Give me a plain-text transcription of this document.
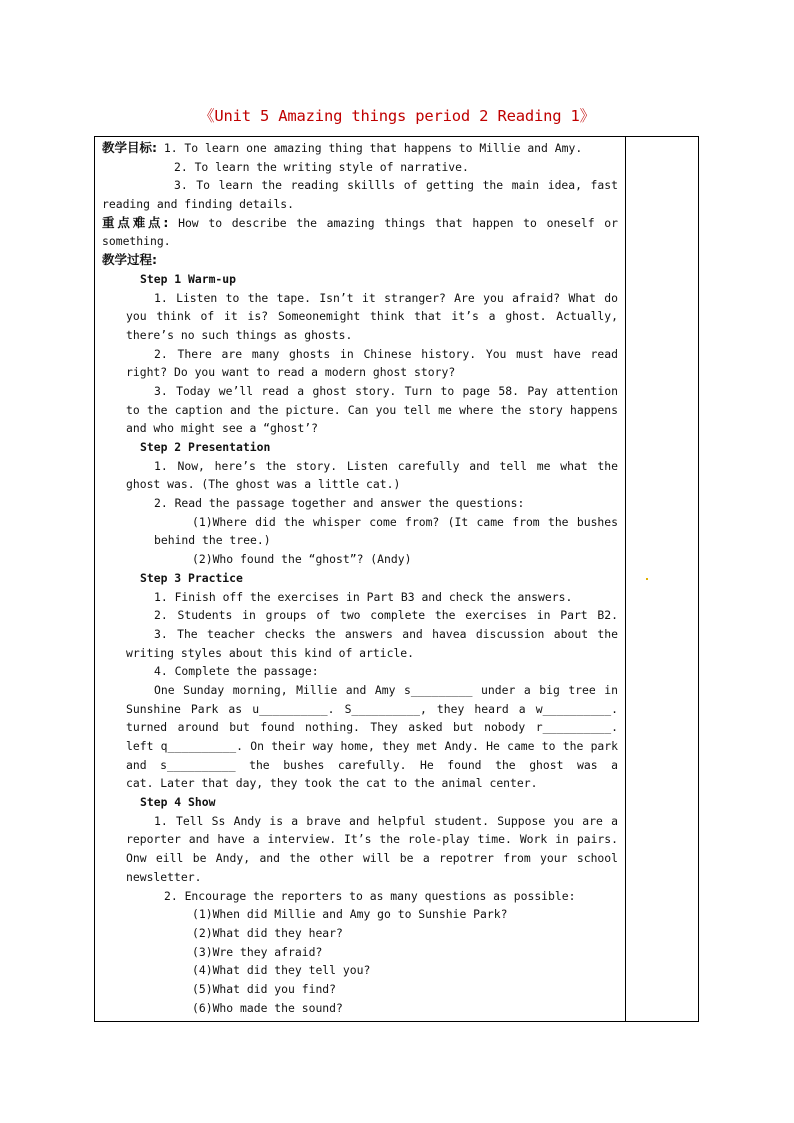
《Unit 5 Amazing things period 2 Reading 1》
教学目标: 1. To learn one amazing thing that happens to Millie and Amy.
2. To learn the writing style of narrative.
3. To learn the reading skillls of getting the main idea, fast
reading and finding details.
重点难点: How to describe the amazing things that happen to oneself or
something.
教学过程:
Step 1 Warm-up
1. Listen to the tape. Isn’t it stranger? Are you afraid? What do
you think of it is? Someonemight think that it’s a ghost. Actually,
there’s no such things as ghosts.
2. There are many ghosts in Chinese history. You must have read
right? Do you want to read a modern ghost story?
3. Today we’ll read a ghost story. Turn to page 58. Pay attention
to the caption and the picture. Can you tell me where the story happens
and who might see a “ghost’?
Step 2 Presentation
1. Now, here’s the story. Listen carefully and tell me what the
ghost was. (The ghost was a little cat.)
2. Read the passage together and answer the questions:
(1)Where did the whisper come from? (It came from the bushes
behind the tree.)
(2)Who found the “ghost”? (Andy)
Step 3 Practice
1. Finish off the exercises in Part B3 and check the answers.
2. Students in groups of two complete the exercises in Part B2.
3. The teacher checks the answers and havea discussion about the
writing styles about this kind of article.
4. Complete the passage:
One Sunday morning, Millie and Amy s_________ under a big tree in
Sunshine Park as u__________. S__________, they heard a w__________.
turned around but found nothing. They asked but nobody r__________.
left q__________. On their way home, they met Andy. He came to the park
and s__________ the bushes carefully. He found the ghost was a
cat. Later that day, they took the cat to the animal center.
Step 4 Show
1. Tell Ss Andy is a brave and helpful student. Suppose you are a
reporter and have a interview. It’s the role-play time. Work in pairs.
Onw eill be Andy, and the other will be a repotrer from your school
newsletter.
2. Encourage the reporters to as many questions as possible:
(1)When did Millie and Amy go to Sunshie Park?
(2)What did they hear?
(3)Wre they afraid?
(4)What did they tell you?
(5)What did you find?
(6)Who made the sound?
